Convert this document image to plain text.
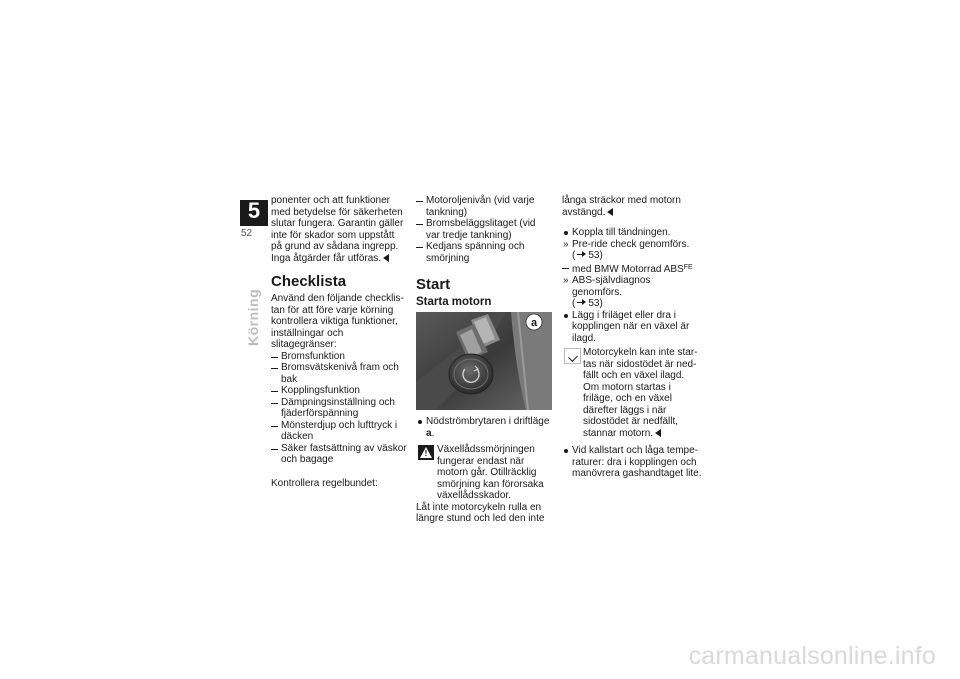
5
52
Körning

ponenter och att funktioner med betydelse för säkerheten slutar fungera. Garantin gäller inte för skador som uppstått på grund av sådana ingrepp.

Inga åtgärder får utföras.

Checklista

Använd den följande checklistan för att före varje körning kontrollera viktiga funktioner, inställningar och slitagegränser:

Bromsfunktion
Bromsvätskenivå fram och bak
Kopplingsfunktion
Dämpningsinställning och fjäderförspänning
Mönsterdjup och lufttryck i däcken
Säker fastsättning av väskor och bagage

Kontrollera regelbundet:

Motoroljenivån (vid varje tankning)
Bromsbeläggslitaget (vid var tredje tankning)
Kedjans spänning och smörjning
Start
Starta motorn
a
Nödströmbrytaren i driftläge a.
!

Växellådssmörjningen fungerar endast när motorn går. Otillräcklig smörjning kan förorsaka växellådsskador.

Låt inte motorcykeln rulla en längre stund och led den inte

långa sträckor med motorn avstängd.

Koppla till tändningen.
» Pre-ride check genomförs.
( 53)
med BMW Motorrad $ABS^{FE}$
» ABS-självdiagnos genomförs.
( 53)
Lägg i friläget eller dra i kopplingen när en växel är ilagd.

Motorcykeln kan inte startas när sidostödet är nedfällt och en växel ilagd. Om motorn startas i friläge, och en växel därefter läggs i när sidostödet är nedfällt, stannar motorn.

Vid kallstart och låga temperaturer: dra i kopplingen och manövrera gashandtaget lite.
carmanualsonline.info
